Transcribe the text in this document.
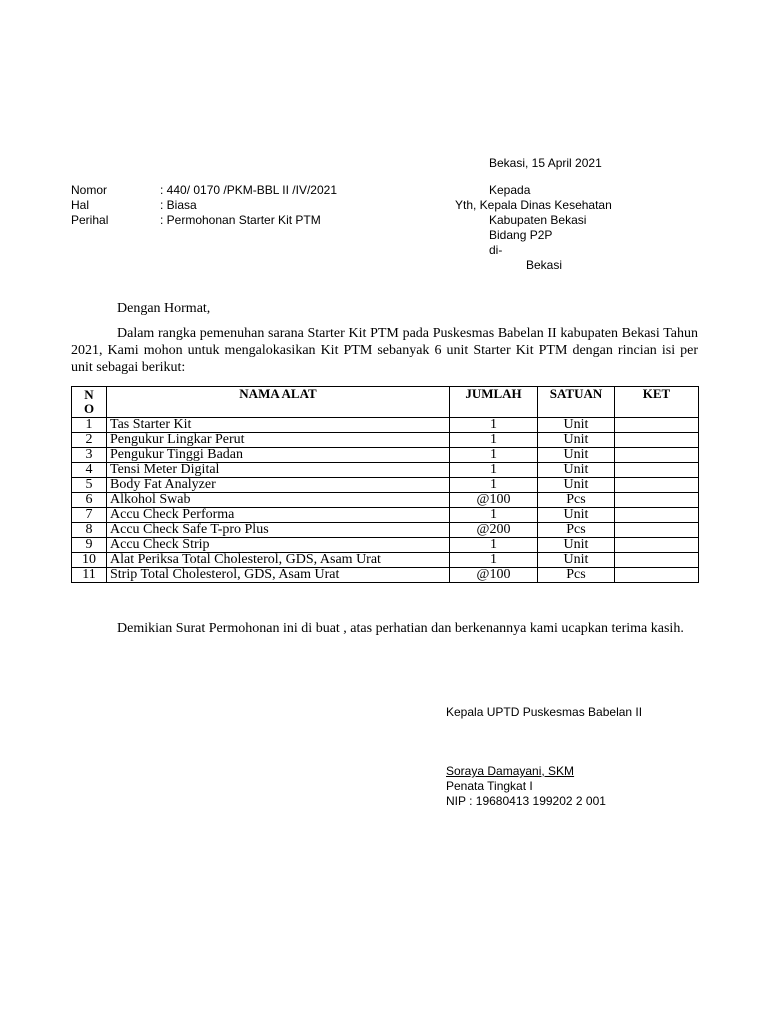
Bekasi, 15 April 2021
Nomor	: 440/ 0170 /PKM-BBL II /IV/2021
Hal	: Biasa
Perihal	: Permohonan Starter Kit PTM
Kepada
Yth, Kepala Dinas Kesehatan
Kabupaten Bekasi
Bidang P2P
di-
Bekasi
Dengan Hormat,
Dalam rangka pemenuhan sarana Starter Kit PTM pada Puskesmas Babelan II kabupaten Bekasi Tahun 2021, Kami mohon untuk mengalokasikan Kit PTM sebanyak 6 unit Starter Kit PTM dengan rincian isi per unit sebagai berikut:
N
O	NAMA ALAT	JUMLAH	SATUAN	KET
1	Tas Starter Kit	1	Unit	
2	Pengukur Lingkar Perut	1	Unit	
3	Pengukur Tinggi Badan	1	Unit	
4	Tensi Meter Digital	1	Unit	
5	Body Fat Analyzer	1	Unit	
6	Alkohol Swab	@100	Pcs	
7	Accu Check Performa	1	Unit	
8	Accu Check Safe T-pro Plus	@200	Pcs	
9	Accu Check Strip	1	Unit	
10	Alat Periksa Total Cholesterol, GDS, Asam Urat	1	Unit	
11	Strip Total Cholesterol, GDS, Asam Urat	@100	Pcs	
Demikian Surat Permohonan ini di buat , atas perhatian dan berkenannya kami ucapkan terima kasih.
Kepala UPTD Puskesmas Babelan II
Soraya Damayani, SKM
Penata Tingkat I
NIP : 19680413 199202 2 001
